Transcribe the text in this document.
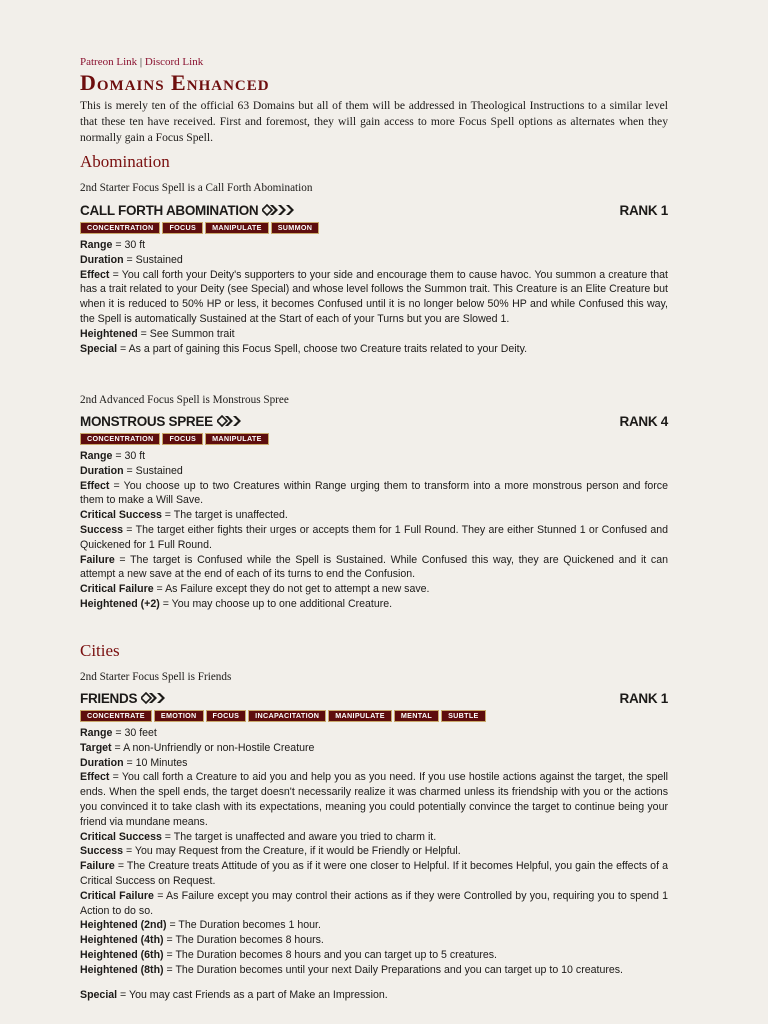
Patreon Link | Discord Link
Domains Enhanced

This is merely ten of the official 63 Domains but all of them will be addressed in Theological Instructions to a similar level that these ten have received. First and foremost, they will gain access to more Focus Spell options as alternates when they normally gain a Focus Spell.

Abomination
2nd Starter Focus Spell is a Call Forth Abomination
CALL FORTH ABOMINATION	RANK 1
CONCENTRATION	FOCUS	MANIPULATE	SUMMON

Range = 30 ft

Duration = Sustained

Effect = You call forth your Deity's supporters to your side and encourage them to cause havoc. You summon a creature that has a trait related to your Deity (see Special) and whose level follows the Summon trait. This Creature is an Elite Creature but when it is reduced to 50% HP or less, it becomes Confused until it is no longer below 50% HP and while Confused this way, the Spell is automatically Sustained at the Start of each of your Turns but you are Slowed 1.

Heightened = See Summon trait

Special = As a part of gaining this Focus Spell, choose two Creature traits related to your Deity.

2nd Advanced Focus Spell is Monstrous Spree
MONSTROUS SPREE	RANK 4
CONCENTRATION	FOCUS	MANIPULATE

Range = 30 ft

Duration = Sustained

Effect = You choose up to two Creatures within Range urging them to transform into a more monstrous person and force them to make a Will Save.

Critical Success = The target is unaffected.

Success = The target either fights their urges or accepts them for 1 Full Round. They are either Stunned 1 or Confused and Quickened for 1 Full Round.

Failure = The target is Confused while the Spell is Sustained. While Confused this way, they are Quickened and it can attempt a new save at the end of each of its turns to end the Confusion.

Critical Failure = As Failure except they do not get to attempt a new save.

Heightened (+2) = You may choose up to one additional Creature.

Cities
2nd Starter Focus Spell is Friends
FRIENDS	RANK 1
CONCENTRATE	EMOTION	FOCUS	INCAPACITATION	MANIPULATE	MENTAL	SUBTLE

Range = 30 feet

Target = A non-Unfriendly or non-Hostile Creature

Duration = 10 Minutes

Effect = You call forth a Creature to aid you and help you as you need. If you use hostile actions against the target, the spell ends. When the spell ends, the target doesn't necessarily realize it was charmed unless its friendship with you or the actions you convinced it to take clash with its expectations, meaning you could potentially convince the target to continue being your friend via mundane means.

Critical Success = The target is unaffected and aware you tried to charm it.

Success = You may Request from the Creature, if it would be Friendly or Helpful.

Failure = The Creature treats Attitude of you as if it were one closer to Helpful. If it becomes Helpful, you gain the effects of a Critical Success on Request.

Critical Failure = As Failure except you may control their actions as if they were Controlled by you, requiring you to spend 1 Action to do so.

Heightened (2nd) = The Duration becomes 1 hour.

Heightened (4th) = The Duration becomes 8 hours.

Heightened (6th) = The Duration becomes 8 hours and you can target up to 5 creatures.

Heightened (8th) = The Duration becomes until your next Daily Preparations and you can target up to 10 creatures.

Special = You may cast Friends as a part of Make an Impression.
